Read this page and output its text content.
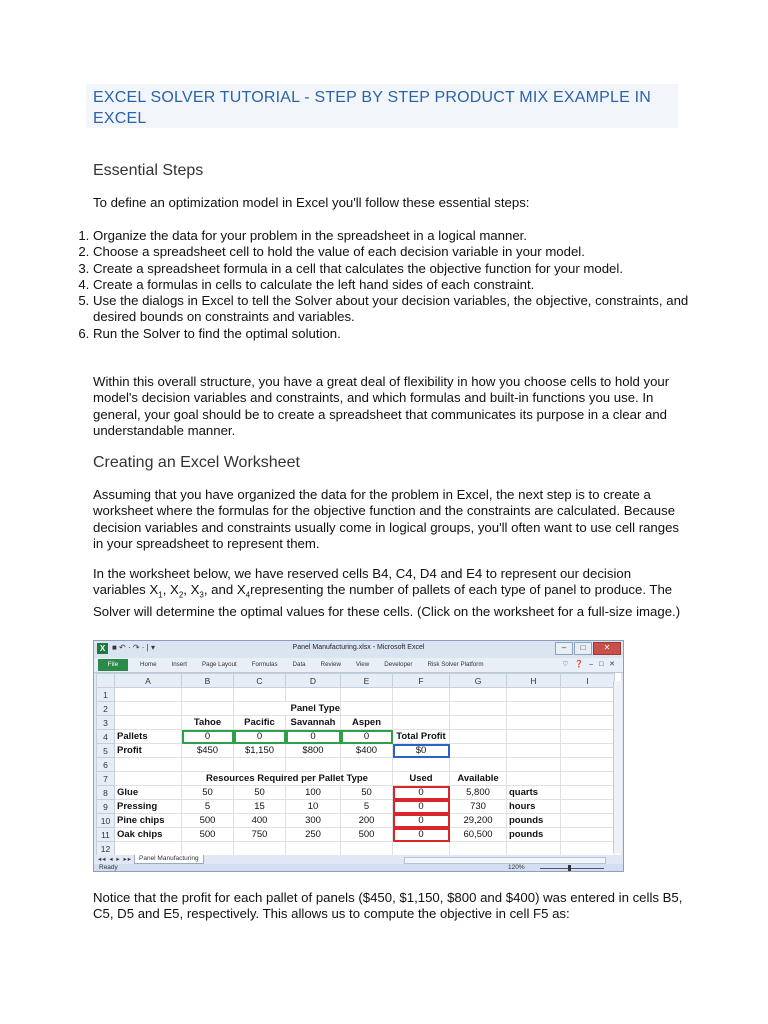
EXCEL SOLVER TUTORIAL - STEP BY STEP PRODUCT MIX EXAMPLE IN EXCEL
Essential Steps
To define an optimization model in Excel you'll follow these essential steps:
1. Organize the data for your problem in the spreadsheet in a logical manner.
2. Choose a spreadsheet cell to hold the value of each decision variable in your model.
3. Create a spreadsheet formula in a cell that calculates the objective function for your model.
4. Create a formulas in cells to calculate the left hand sides of each constraint.
5. Use the dialogs in Excel to tell the Solver about your decision variables, the objective, constraints, and desired bounds on constraints and variables.
6. Run the Solver to find the optimal solution.
Within this overall structure, you have a great deal of flexibility in how you choose cells to hold your model's decision variables and constraints, and which formulas and built-in functions you use. In general, your goal should be to create a spreadsheet that communicates its purpose in a clear and understandable manner.
Creating an Excel Worksheet
Assuming that you have organized the data for the problem in Excel, the next step is to create a worksheet where the formulas for the objective function and the constraints are calculated. Because decision variables and constraints usually come in logical groups, you'll often want to use cell ranges in your spreadsheet to represent them.
In the worksheet below, we have reserved cells B4, C4, D4 and E4 to represent our decision variables $X_1$, $X_2$, $X_3$, and $X_4representing$ the number of pallets of each type of panel to produce. The Solver will determine the optimal values for these cells. (Click on the worksheet for a full-size image.)
X ■ ↶ · ↷ · | ▾	Panel Manufacturing.xlsx - Microsoft Excel	–	□	✕
File	Home Insert Page Layout Formulas Data Review View Developer Risk Solver Platform	♡ ❓ – □ ✕
	A	B	C	D	E	F	G	H	I
1									
2			Panel Type						
3		Tahoe	Pacific	Savannah	Aspen				
4	Pallets	0	0	0	0	Total Profit			
5	Profit	$450	$1,150	$800	$400	$0			
6									
7		Resources Required per Pallet Type				Used	Available		
8	Glue	50	50	100	50	0	5,800	quarts	
9	Pressing	5	15	10	5	0	730	hours	
10	Pine chips	500	400	300	200	0	29,200	pounds	
11	Oak chips	500	750	250	500	0	60,500	pounds	
12									
◂◂ ◂ ▸ ▸▸	Panel Manufacturing
Ready	120%
Notice that the profit for each pallet of panels ($450, $1,150, $800 and $400) was entered in cells B5, C5, D5 and E5, respectively. This allows us to compute the objective in cell F5 as:
